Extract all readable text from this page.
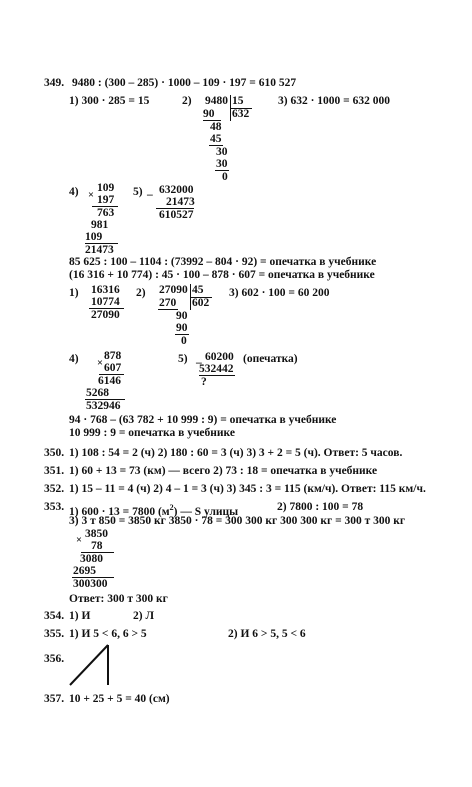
349. 9480 : (300 – 285) · 1000 – 109 · 197 = 610 527
1) 300 · 285 = 15	2)	3) 632 · 1000 = 632 000
9480 15
90 632
48
45
30
30
0
4) ×
109
197
763
981
109
21473
5) – 632000
21473
610527
85 625 : 100 – 1104 : (73992 – 804 · 92) = опечатка в учебнике
(16 316 + 10 774) : 45 · 100 – 878 · 607 = опечатка в учебнике
1) 16316
10774
27090
2) 27090 45
270 602
90
90
0
3) 602 · 100 = 60 200
4) ×
878
607
6146
5268
532946
5) – 60200
532442
?
(опечатка)
94 · 768 – (63 782 + 10 999 : 9) = опечатка в учебнике
10 999 : 9 = опечатка в учебнике
350. 1) 108 : 54 = 2 (ч) 2) 180 : 60 = 3 (ч) 3) 3 + 2 = 5 (ч). Ответ: 5 часов.
351. 1) 60 + 13 = 73 (км) — всего 2) 73 : 18 = опечатка в учебнике
352. 1) 15 – 11 = 4 (ч) 2) 4 – 1 = 3 (ч) 3) 345 : 3 = 115 (км/ч). Ответ: 115 км/ч.
353. 1) 600 · 13 = 7800 $(м^2)$ — S улицы	2) 7800 : 100 = 78
3) 3 т 850 = 3850 кг 3850 · 78 = 300 300 кг 300 300 кг = 300 т 300 кг
×
3850
78
3080
2695
300300
Ответ: 300 т 300 кг
354. 1) И	2) Л
355. 1) И 5 < 6, 6 > 5	2) И 6 > 5, 5 < 6
356.
357. 10 + 25 + 5 = 40 (см)
